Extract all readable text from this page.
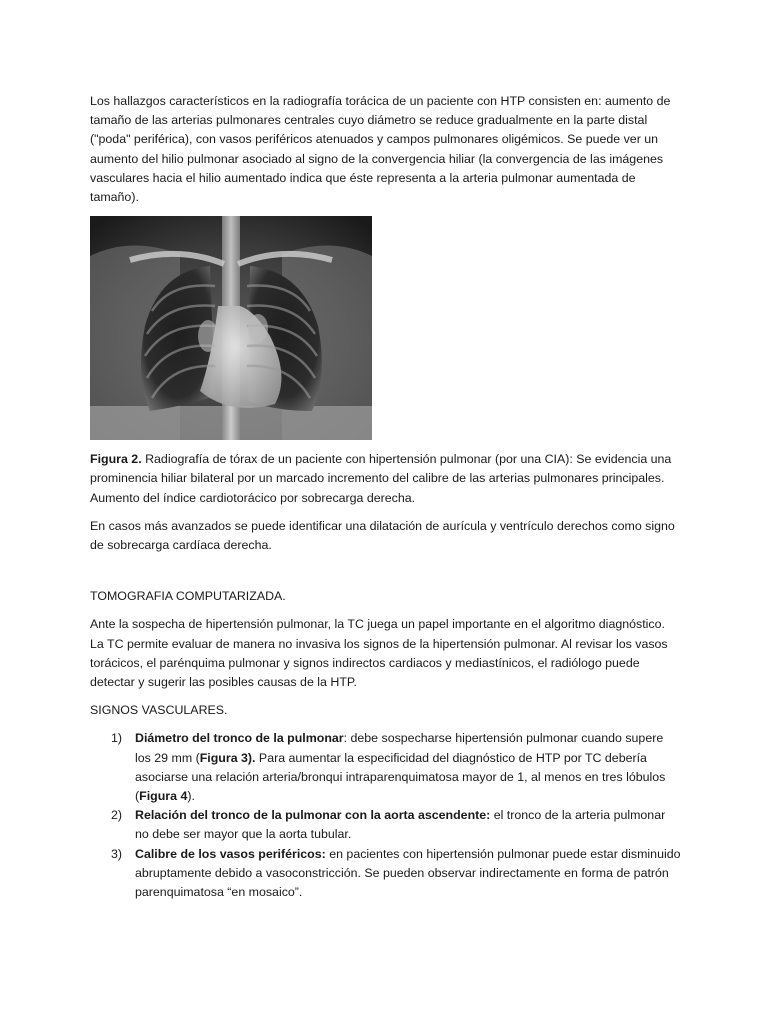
Los hallazgos característicos en la radiografía torácica de un paciente con HTP consisten en: aumento de tamaño de las arterias pulmonares centrales cuyo diámetro se reduce gradualmente en la parte distal ("poda" periférica), con vasos periféricos atenuados y campos pulmonares oligémicos. Se puede ver un aumento del hilio pulmonar asociado al signo de la convergencia hiliar (la convergencia de las imágenes vasculares hacia el hilio aumentado indica que éste representa a la arteria pulmonar aumentada de tamaño).

Figura 2. Radiografía de tórax de un paciente con hipertensión pulmonar (por una CIA): Se evidencia una prominencia hiliar bilateral por un marcado incremento del calibre de las arterias pulmonares principales. Aumento del índice cardiotorácico por sobrecarga derecha.

En casos más avanzados se puede identificar una dilatación de aurícula y ventrículo derechos como signo de sobrecarga cardíaca derecha.

TOMOGRAFIA COMPUTARIZADA.

Ante la sospecha de hipertensión pulmonar, la TC juega un papel importante en el algoritmo diagnóstico. La TC permite evaluar de manera no invasiva los signos de la hipertensión pulmonar. Al revisar los vasos torácicos, el parénquima pulmonar y signos indirectos cardiacos y mediastínicos, el radiólogo puede detectar y sugerir las posibles causas de la HTP.

SIGNOS VASCULARES.

1) Diámetro del tronco de la pulmonar: debe sospecharse hipertensión pulmonar cuando supere los 29 mm (Figura 3). Para aumentar la especificidad del diagnóstico de HTP por TC debería asociarse una relación arteria/bronqui intraparenquimatosa mayor de 1, al menos en tres lóbulos (Figura 4).
2) Relación del tronco de la pulmonar con la aorta ascendente: el tronco de la arteria pulmonar no debe ser mayor que la aorta tubular.
3) Calibre de los vasos periféricos: en pacientes con hipertensión pulmonar puede estar disminuido abruptamente debido a vasoconstricción. Se pueden observar indirectamente en forma de patrón parenquimatosa “en mosaico”.
